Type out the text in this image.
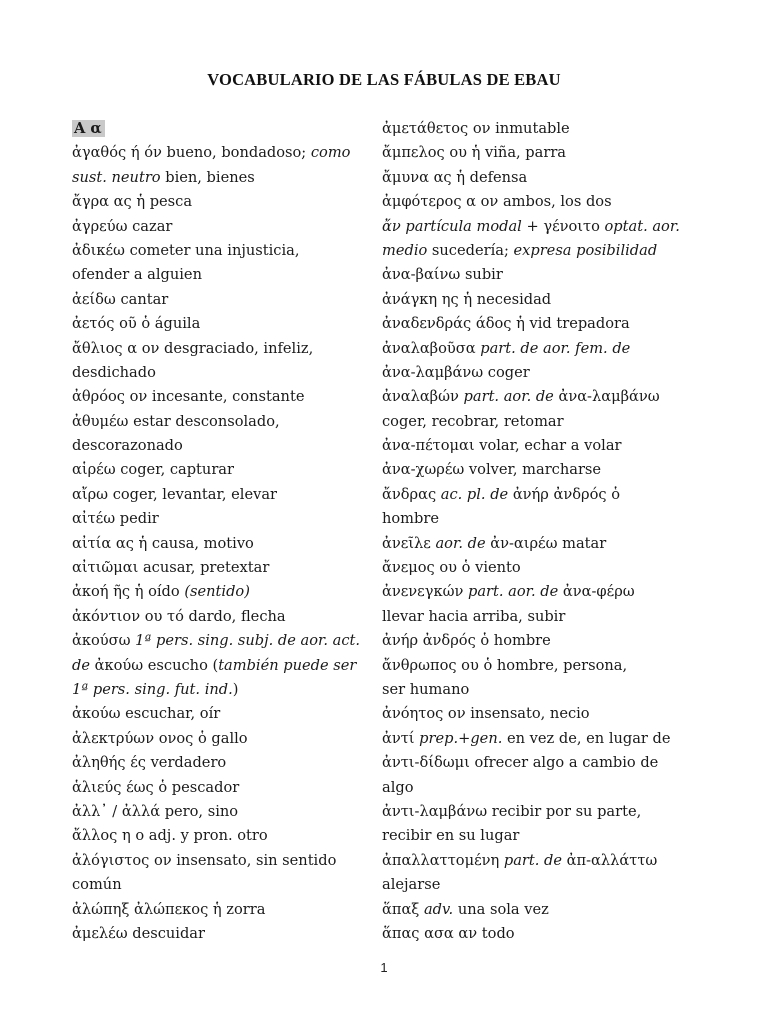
VOCABULARIO DE LAS FÁBULAS DE EBAU
Α α
ἀγαθός ή όν bueno, bondadoso; como
sust. neutro bien, bienes
ἄγρα ας ἡ pesca
ἀγρεύω cazar
ἀδικέω cometer una injusticia,
ofender a alguien
ἀείδω cantar
ἀετός οῦ ὁ águila
ἄθλιος α ον desgraciado, infeliz,
desdichado
ἀθρόος ον incesante, constante
ἀθυμέω estar desconsolado,
descorazonado
αἱρέω coger, capturar
αἴρω coger, levantar, elevar
αἰτέω pedir
αἰτία ας ἡ causa, motivo
αἰτιῶμαι acusar, pretextar
ἀκοή ῆς ἡ oído (sentido)
ἀκόντιον ου τό dardo, flecha
ἀκούσω 1ª pers. sing. subj. de aor. act.
de ἀκούω escucho (también puede ser
1ª pers. sing. fut. ind.)
ἀκούω escuchar, oír
ἀλεκτρύων ονος ὁ gallo
ἀληθής ές verdadero
ἁλιεύς έως ὁ pescador
ἀλλ᾽ / ἀλλά pero, sino
ἄλλος η ο adj. y pron. otro
ἀλόγιστος ον insensato, sin sentido
común
ἀλώπηξ ἀλώπεκος ἡ zorra
ἀμελέω descuidar
ἀμετάθετος ον inmutable
ἄμπελος ου ἡ viña, parra
ἄμυνα ας ἡ defensa
ἀμφότερος α ον ambos, los dos
ἄν partícula modal + γένοιτο optat. aor.
medio sucedería; expresa posibilidad
ἀνα-βαίνω subir
ἀνάγκη ης ἡ necesidad
ἀναδενδράς άδος ἡ vid trepadora
ἀναλαβοῦσα part. de aor. fem. de
ἀνα-λαμβάνω coger
ἀναλαβών part. aor. de ἀνα-λαμβάνω
coger, recobrar, retomar
ἀνα-πέτομαι volar, echar a volar
ἀνα-χωρέω volver, marcharse
ἄνδρας ac. pl. de ἀνήρ ἀνδρός ὁ
hombre
ἀνεῖλε aor. de ἀν-αιρέω matar
ἄνεμος ου ὁ viento
ἀνενεγκών part. aor. de ἀνα-φέρω
llevar hacia arriba, subir
ἀνήρ ἀνδρός ὁ hombre
ἄνθρωπος ου ὁ hombre, persona,
ser humano
ἀνόητος ον insensato, necio
ἀντί prep.+gen. en vez de, en lugar de
ἀντι-δίδωμι ofrecer algo a cambio de
algo
ἀντι-λαμβάνω recibir por su parte,
recibir en su lugar
ἀπαλλαττομένη part. de ἀπ-αλλάττω
alejarse
ἅπαξ adv. una sola vez
ἅπας ασα αν todo
1
